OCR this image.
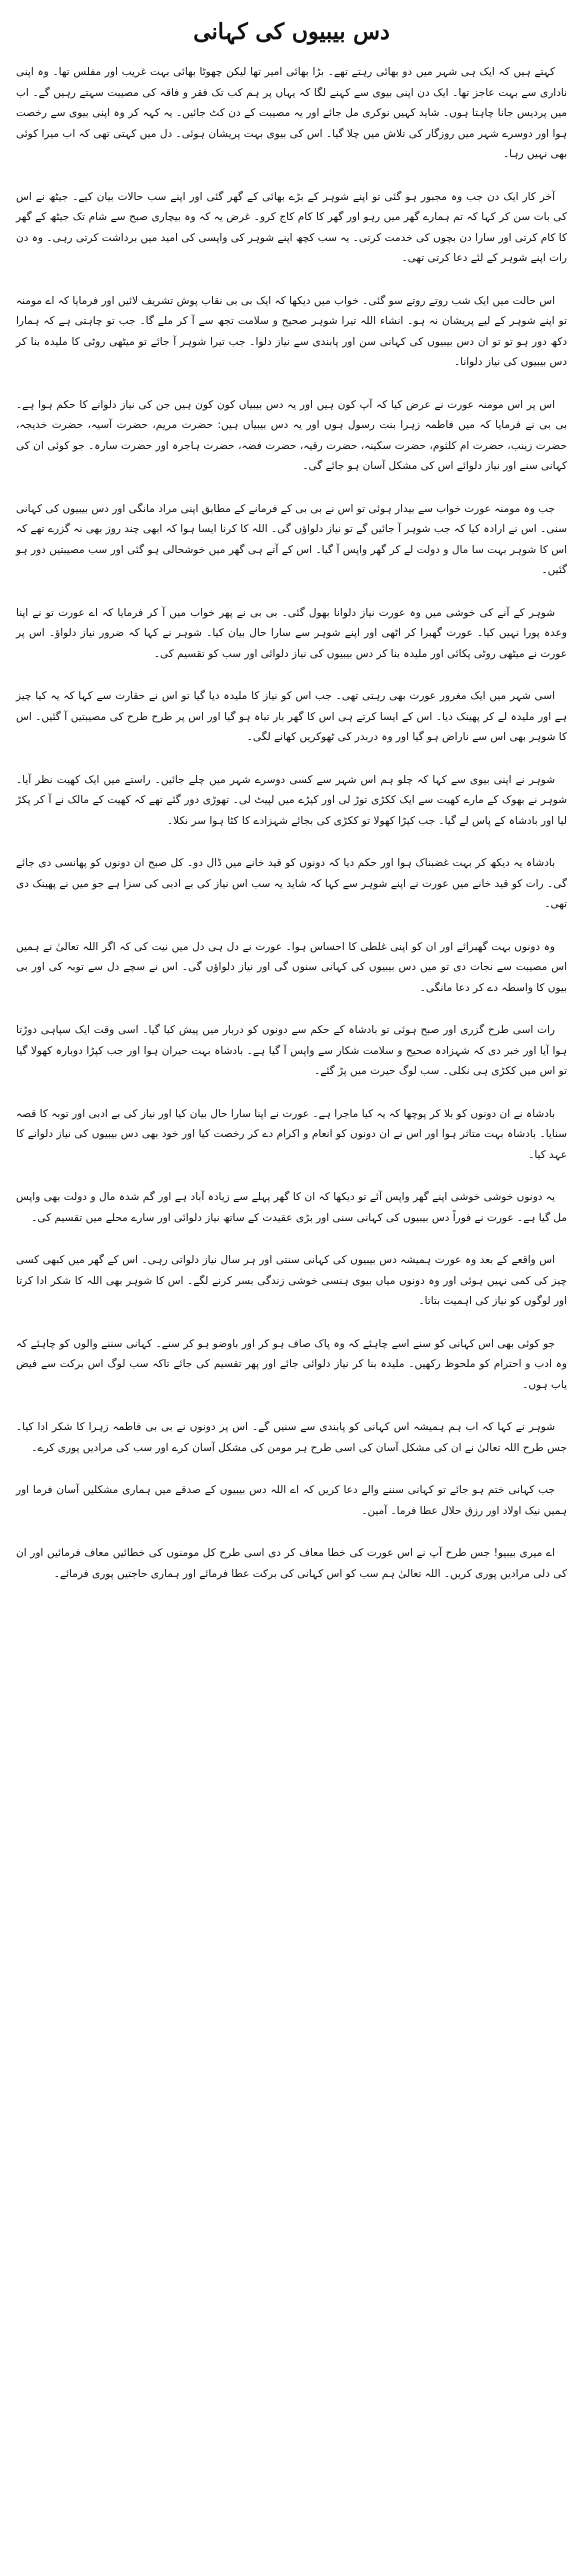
دس بیبیوں کی کہانی

کہتے ہیں کہ ایک ہی شہر میں دو بھائی رہتے تھے۔ بڑا بھائی امیر تھا لیکن چھوٹا بھائی بہت غریب اور مفلس تھا۔ وہ اپنی ناداری سے بہت عاجز تھا۔ ایک دن اپنی بیوی سے کہنے لگا کہ یہاں پر ہم کب تک فقر و فاقہ کی مصیبت سہتے رہیں گے۔ اب میں پردیس جانا چاہتا ہوں۔ شاید کہیں نوکری مل جائے اور یہ مصیبت کے دن کٹ جائیں۔ یہ کہہ کر وہ اپنی بیوی سے رخصت ہوا اور دوسرے شہر میں روزگار کی تلاش میں چلا گیا۔ اس کی بیوی بہت پریشان ہوئی۔ دل میں کہتی تھی کہ اب میرا کوئی بھی نہیں رہا۔

آخر کار ایک دن جب وہ مجبور ہو گئی تو اپنے شوہر کے بڑے بھائی کے گھر گئی اور اپنے سب حالات بیان کیے۔ جیٹھ نے اس کی بات سن کر کہا کہ تم ہمارے گھر میں رہو اور گھر کا کام کاج کرو۔ غرض یہ کہ وہ بیچاری صبح سے شام تک جیٹھ کے گھر کا کام کرتی اور سارا دن بچوں کی خدمت کرتی۔ یہ سب کچھ اپنے شوہر کی واپسی کی امید میں برداشت کرتی رہی۔ وہ دن رات اپنے شوہر کے لئے دعا کرتی تھی۔

اس حالت میں ایک شب روتے روتے سو گئی۔ خواب میں دیکھا کہ ایک بی بی نقاب پوش تشریف لائیں اور فرمایا کہ اے مومنہ تو اپنے شوہر کے لیے پریشان نہ ہو۔ انشاء اللہ تیرا شوہر صحیح و سلامت تجھ سے آ کر ملے گا۔ جب تو چاہتی ہے کہ ہمارا دکھ دور ہو تو تو ان دس بیبیوں کی کہانی سن اور پابندی سے نیاز دلوا۔ جب تیرا شوہر آ جائے تو میٹھی روٹی کا ملیدہ بنا کر دس بیبیوں کی نیاز دلوانا۔

اس پر اس مومنہ عورت نے عرض کیا کہ آپ کون ہیں اور یہ دس بیبیاں کون کون ہیں جن کی نیاز دلوانے کا حکم ہوا ہے۔ بی بی نے فرمایا کہ میں فاطمہ زہرا بنت رسول ہوں اور یہ دس بیبیاں ہیں: حضرت مریم، حضرت آسیہ، حضرت خدیجہ، حضرت زینب، حضرت ام کلثوم، حضرت سکینہ، حضرت رقیہ، حضرت فضہ، حضرت ہاجرہ اور حضرت سارہ۔ جو کوئی ان کی کہانی سنے اور نیاز دلوائے اس کی مشکل آسان ہو جائے گی۔

جب وہ مومنہ عورت خواب سے بیدار ہوئی تو اس نے بی بی کے فرمانے کے مطابق اپنی مراد مانگی اور دس بیبیوں کی کہانی سنی۔ اس نے ارادہ کیا کہ جب شوہر آ جائیں گے تو نیاز دلواؤں گی۔ اللہ کا کرنا ایسا ہوا کہ ابھی چند روز بھی نہ گزرے تھے کہ اس کا شوہر بہت سا مال و دولت لے کر گھر واپس آ گیا۔ اس کے آتے ہی گھر میں خوشحالی ہو گئی اور سب مصیبتیں دور ہو گئیں۔

شوہر کے آنے کی خوشی میں وہ عورت نیاز دلوانا بھول گئی۔ بی بی نے پھر خواب میں آ کر فرمایا کہ اے عورت تو نے اپنا وعدہ پورا نہیں کیا۔ عورت گھبرا کر اٹھی اور اپنے شوہر سے سارا حال بیان کیا۔ شوہر نے کہا کہ ضرور نیاز دلواؤ۔ اس پر عورت نے میٹھی روٹی پکائی اور ملیدہ بنا کر دس بیبیوں کی نیاز دلوائی اور سب کو تقسیم کی۔

اسی شہر میں ایک مغرور عورت بھی رہتی تھی۔ جب اس کو نیاز کا ملیدہ دیا گیا تو اس نے حقارت سے کہا کہ یہ کیا چیز ہے اور ملیدہ لے کر پھینک دیا۔ اس کے ایسا کرتے ہی اس کا گھر بار تباہ ہو گیا اور اس پر طرح طرح کی مصیبتیں آ گئیں۔ اس کا شوہر بھی اس سے ناراض ہو گیا اور وہ دربدر کی ٹھوکریں کھانے لگی۔

شوہر نے اپنی بیوی سے کہا کہ چلو ہم اس شہر سے کسی دوسرے شہر میں چلے جائیں۔ راستے میں ایک کھیت نظر آیا۔ شوہر نے بھوک کے مارے کھیت سے ایک ککڑی توڑ لی اور کپڑے میں لپیٹ لی۔ تھوڑی دور گئے تھے کہ کھیت کے مالک نے آ کر پکڑ لیا اور بادشاہ کے پاس لے گیا۔ جب کپڑا کھولا تو ککڑی کی بجائے شہزادے کا کٹا ہوا سر نکلا۔

بادشاہ یہ دیکھ کر بہت غضبناک ہوا اور حکم دیا کہ دونوں کو قید خانے میں ڈال دو۔ کل صبح ان دونوں کو پھانسی دی جائے گی۔ رات کو قید خانے میں عورت نے اپنے شوہر سے کہا کہ شاید یہ سب اس نیاز کی بے ادبی کی سزا ہے جو میں نے پھینک دی تھی۔

وہ دونوں بہت گھبرائے اور ان کو اپنی غلطی کا احساس ہوا۔ عورت نے دل ہی دل میں نیت کی کہ اگر اللہ تعالیٰ نے ہمیں اس مصیبت سے نجات دی تو میں دس بیبیوں کی کہانی سنوں گی اور نیاز دلواؤں گی۔ اس نے سچے دل سے توبہ کی اور بی بیوں کا واسطہ دے کر دعا مانگی۔

رات اسی طرح گزری اور صبح ہوئی تو بادشاہ کے حکم سے دونوں کو دربار میں پیش کیا گیا۔ اسی وقت ایک سپاہی دوڑتا ہوا آیا اور خبر دی کہ شہزادہ صحیح و سلامت شکار سے واپس آ گیا ہے۔ بادشاہ بہت حیران ہوا اور جب کپڑا دوبارہ کھولا گیا تو اس میں ککڑی ہی نکلی۔ سب لوگ حیرت میں پڑ گئے۔

بادشاہ نے ان دونوں کو بلا کر پوچھا کہ یہ کیا ماجرا ہے۔ عورت نے اپنا سارا حال بیان کیا اور نیاز کی بے ادبی اور توبہ کا قصہ سنایا۔ بادشاہ بہت متاثر ہوا اور اس نے ان دونوں کو انعام و اکرام دے کر رخصت کیا اور خود بھی دس بیبیوں کی نیاز دلوانے کا عہد کیا۔

یہ دونوں خوشی خوشی اپنے گھر واپس آئے تو دیکھا کہ ان کا گھر پہلے سے زیادہ آباد ہے اور گم شدہ مال و دولت بھی واپس مل گیا ہے۔ عورت نے فوراً دس بیبیوں کی کہانی سنی اور بڑی عقیدت کے ساتھ نیاز دلوائی اور سارے محلے میں تقسیم کی۔

اس واقعے کے بعد وہ عورت ہمیشہ دس بیبیوں کی کہانی سنتی اور ہر سال نیاز دلواتی رہی۔ اس کے گھر میں کبھی کسی چیز کی کمی نہیں ہوئی اور وہ دونوں میاں بیوی ہنسی خوشی زندگی بسر کرنے لگے۔ اس کا شوہر بھی اللہ کا شکر ادا کرتا اور لوگوں کو نیاز کی اہمیت بتاتا۔

جو کوئی بھی اس کہانی کو سنے اسے چاہئے کہ وہ پاک صاف ہو کر اور باوضو ہو کر سنے۔ کہانی سننے والوں کو چاہئے کہ وہ ادب و احترام کو ملحوظ رکھیں۔ ملیدہ بنا کر نیاز دلوائی جائے اور پھر تقسیم کی جائے تاکہ سب لوگ اس برکت سے فیض یاب ہوں۔

شوہر نے کہا کہ اب ہم ہمیشہ اس کہانی کو پابندی سے سنیں گے۔ اس پر دونوں نے بی بی فاطمہ زہرا کا شکر ادا کیا۔ جس طرح اللہ تعالیٰ نے ان کی مشکل آسان کی اسی طرح ہر مومن کی مشکل آسان کرے اور سب کی مرادیں پوری کرے۔

جب کہانی ختم ہو جائے تو کہانی سننے والے دعا کریں کہ اے اللہ دس بیبیوں کے صدقے میں ہماری مشکلیں آسان فرما اور ہمیں نیک اولاد اور رزق حلال عطا فرما۔ آمین۔

اے میری بیبیو! جس طرح آپ نے اس عورت کی خطا معاف کر دی اسی طرح کل مومنوں کی خطائیں معاف فرمائیں اور ان کی دلی مرادیں پوری کریں۔ اللہ تعالیٰ ہم سب کو اس کہانی کی برکت عطا فرمائے اور ہماری حاجتیں پوری فرمائے۔
